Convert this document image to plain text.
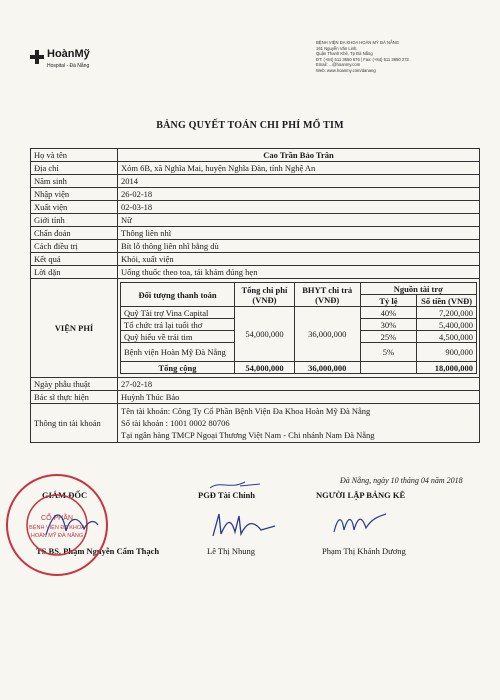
HoànMỹ
Hospital - Đà Nẵng
BỆNH VIỆN ĐA KHOA HOÀN MỸ ĐÀ NẴNG
161 Nguyễn Văn Linh,
Quận Thanh Khê, Tp Đà Nẵng
ĐT: (+84) 511 3650 676 | Fax: (+84) 511 3650 272
Email: ...@hoanmy.com
Web: www.hoanmy.com/danang
BẢNG QUYẾT TOÁN CHI PHÍ MỔ TIM
Họ và tên	Cao Trần Bảo Trân
Địa chỉ	Xóm 6B, xã Nghĩa Mai, huyện Nghĩa Đàn, tỉnh Nghệ An
Năm sinh	2014
Nhập viện	26-02-18
Xuất viện	02-03-18
Giới tính	Nữ
Chẩn đoán	Thông liên nhĩ
Cách điều trị	Bít lỗ thông liên nhĩ bằng dù
Kết quả	Khỏi, xuất viện
Lời dặn	Uống thuốc theo toa, tái khám đúng hẹn
VIỆN PHÍ	
Đối tượng thanh toán	Tổng chi phí (VNĐ)	BHYT chi trả (VNĐ)	Nguồn tài trợ
Tỷ lệ	Số tiền (VNĐ)
Quỹ Tài trợ Vina Capital	54,000,000	36,000,000	40%	7,200,000
Tổ chức trả lại tuổi thơ	30%	5,400,000
Quỹ hiểu về trái tim	25%	4,500,000
Bệnh viện Hoàn Mỹ Đà Nẵng	5%	900,000
Tổng cộng	54,000,000	36,000,000		18,000,000

Ngày phẫu thuật	27-02-18
Bác sĩ thực hiện	Huỳnh Thúc Bảo
Thông tin tài khoản	
Tên tài khoản: Công Ty Cổ Phần Bệnh Viện Đa Khoa Hoàn Mỹ Đà Nẵng
Số tài khoản : 1001 0002 80706
Tại ngân hàng TMCP Ngoại Thương Việt Nam - Chi nhánh Nam Đà Nẵng
Đà Nẵng, ngày 10 tháng 04 năm 2018
GIÁM ĐỐC	PGĐ Tài Chính	NGƯỜI LẬP BẢNG KÊ
TS.BS. Phạm Nguyễn Cẩm Thạch	Lê Thị Nhung	Phạm Thị Khánh Dương
CỔ PHẦN
BỆNH VIỆN ĐA KHOA
HOÀN MỸ ĐÀ NẴNG
